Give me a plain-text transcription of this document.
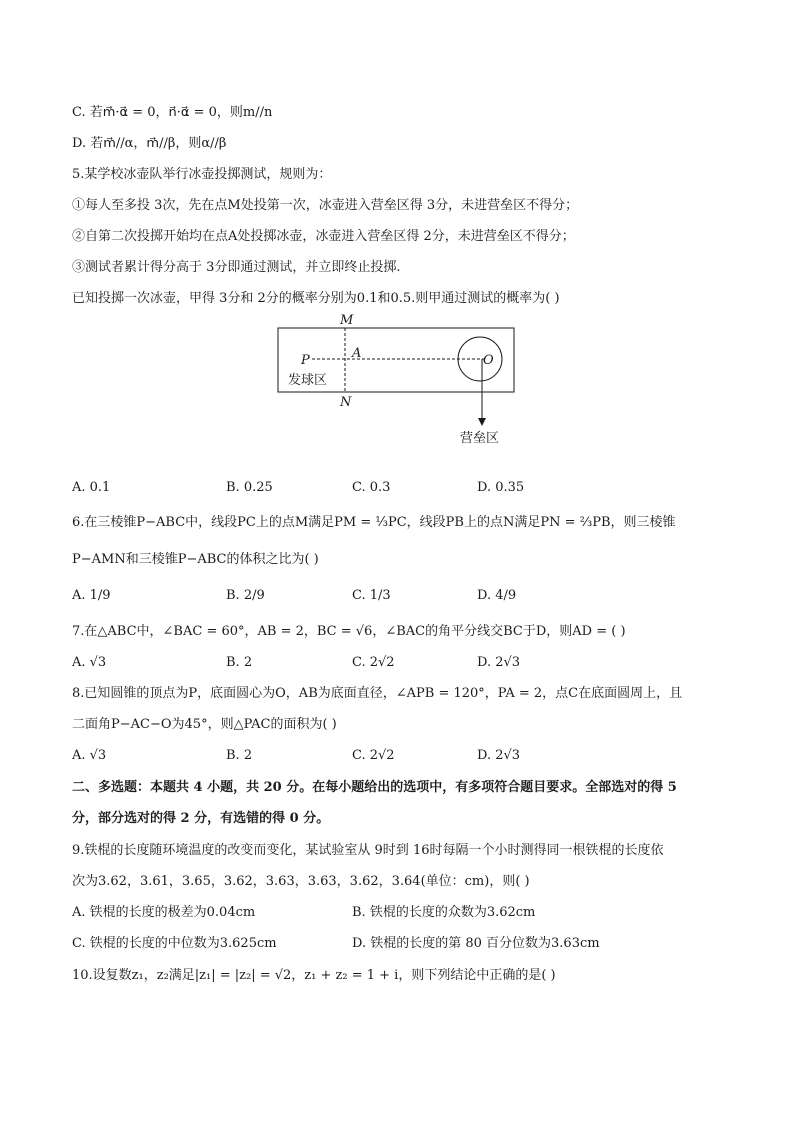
C. 若m⃗·α⃗ = 0，n⃗·α⃗ = 0，则m//n
D. 若m⃗//α，m⃗//β，则α//β
5.某学校冰壶队举行冰壶投掷测试，规则为：
①每人至多投 3次，先在点M处投第一次，冰壶进入营垒区得 3分，未进营垒区不得分；
②自第二次投掷开始均在点A处投掷冰壶，冰壶进入营垒区得 2分，未进营垒区不得分；
③测试者累计得分高于 3分即通过测试，并立即终止投掷.
已知投掷一次冰壶，甲得 3分和 2分的概率分别为0.1和0.5.则甲通过测试的概率为( )
M
N
P	A	O
发球区
营垒区
A. 0.1	B. 0.25	C. 0.3	D. 0.35
6.在三棱锥P−ABC中，线段PC上的点M满足PM = ⅓PC，线段PB上的点N满足PN = ⅔PB，则三棱锥
P−AMN和三棱锥P−ABC的体积之比为( )
A. 1/9	B. 2/9	C. 1/3	D. 4/9
7.在△ABC中，∠BAC = 60°，AB = 2，BC = √6，∠BAC的角平分线交BC于D，则AD = ( )
A. √3	B. 2	C. 2√2	D. 2√3
8.已知圆锥的顶点为P，底面圆心为O，AB为底面直径，∠APB = 120°，PA = 2，点C在底面圆周上，且
二面角P−AC−O为45°，则△PAC的面积为( )
A. √3	B. 2	C. 2√2	D. 2√3
二、多选题：本题共 4 小题，共 20 分。在每小题给出的选项中，有多项符合题目要求。全部选对的得 5
分，部分选对的得 2 分，有选错的得 0 分。
9.铁棍的长度随环境温度的改变而变化，某试验室从 9时到 16时每隔一个小时测得同一根铁棍的长度依
次为3.62，3.61，3.65，3.62，3.63，3.63，3.62，3.64(单位：cm)，则( )
A. 铁棍的长度的极差为0.04cm	B. 铁棍的长度的众数为3.62cm
C. 铁棍的长度的中位数为3.625cm	D. 铁棍的长度的第 80 百分位数为3.63cm
10.设复数z₁，z₂满足|z₁| = |z₂| = √2，z₁ + z₂ = 1 + i，则下列结论中正确的是( )
